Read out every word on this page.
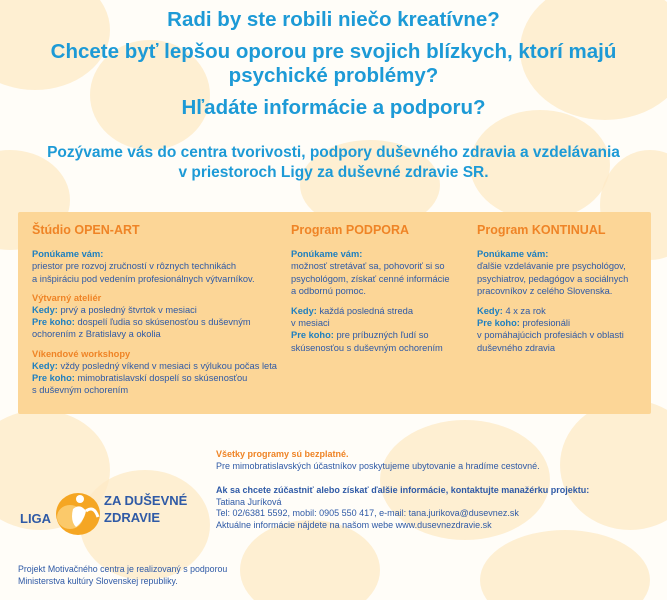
Radi by ste robili niečo kreatívne?
Chcete byť lepšou oporou pre svojich blízkych, ktorí majú
psychické problémy?
Hľadáte informácie a podporu?
Pozývame vás do centra tvorivosti, podpory duševného zdravia a vzdelávania
v priestoroch Ligy za duševné zdravie SR.
Štúdio OPEN-ART
Ponúkame vám:
priestor pre rozvoj zručností v rôznych technikách
a inšpiráciu pod vedením profesionálnych výtvarníkov.
Výtvarný ateliér
Kedy: prvý a posledný štvrtok v mesiaci
Pre koho: dospelí ľudia so skúsenosťou s duševným
ochorením z Bratislavy a okolia
Víkendové workshopy
Kedy: vždy posledný víkend v mesiaci s výlukou počas leta
Pre koho: mimobratislavskí dospelí so skúsenosťou
s duševným ochorením
Program PODPORA
Ponúkame vám:
možnosť stretávať sa, pohovoriť si so
psychológom, získať cenné informácie
a odbornú pomoc.
Kedy: každá posledná streda
v mesiaci
Pre koho: pre príbuzných ľudí so
skúsenosťou s duševným ochorením
Program KONTINUAL
Ponúkame vám:
ďalšie vzdelávanie pre psychológov,
psychiatrov, pedagógov a sociálnych
pracovníkov z celého Slovenska.
Kedy: 4 x za rok
Pre koho: profesionáli
v pomáhajúcich profesiách v oblasti
duševného zdravia
Všetky programy sú bezplatné.
Pre mimobratislavských účastníkov poskytujeme ubytovanie a hradíme cestovné.
Ak sa chcete zúčastniť alebo získať ďalšie informácie, kontaktujte manažérku projektu:
Tatiana Juríková
Tel: 02/6381 5592, mobil: 0905 550 417, e-mail: tana.jurikova@dusevnez.sk
Aktuálne informácie nájdete na našom webe www.dusevnezdravie.sk
LIGA
ZA DUŠEVNÉ
ZDRAVIE
Projekt Motivačného centra je realizovaný s podporou
Ministerstva kultúry Slovenskej republiky.
